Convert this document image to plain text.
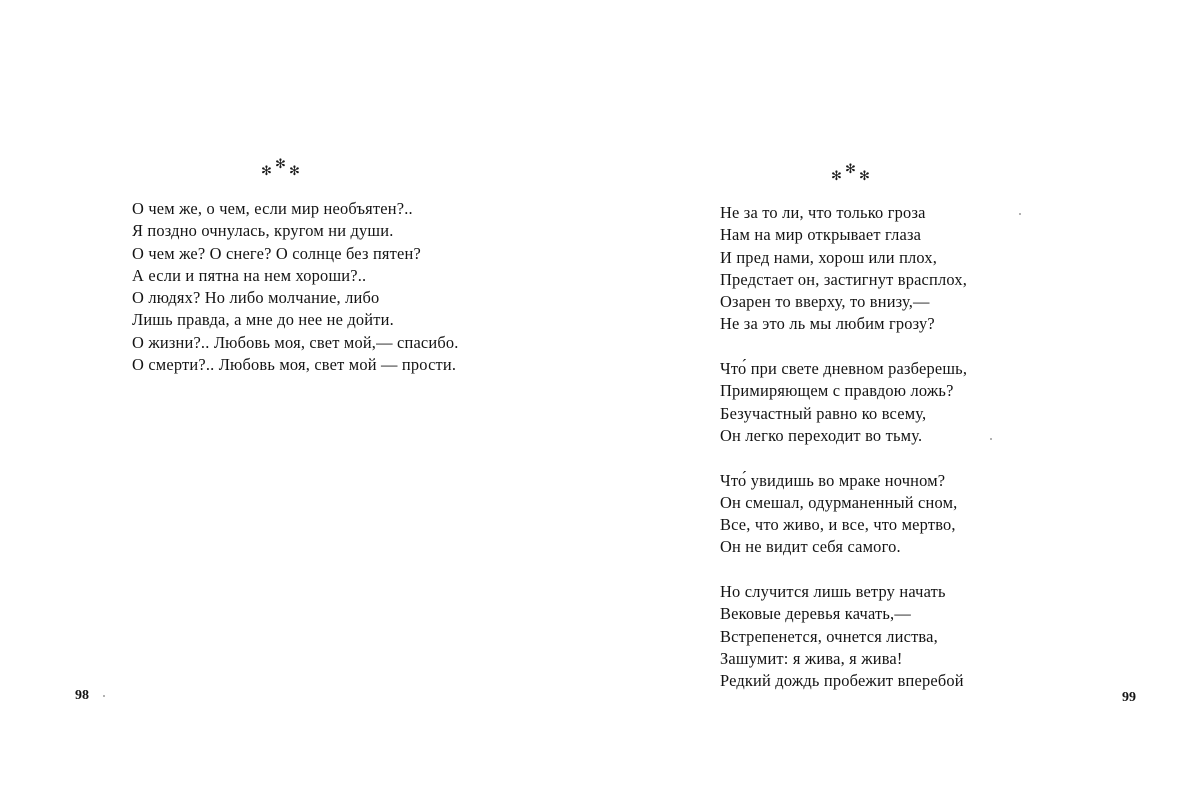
✻ ✻ ✻
О чем же, о чем, если мир необъятен?..
Я поздно очнулась, кругом ни души.
О чем же? О снеге? О солнце без пятен?
А если и пятна на нем хороши?..
О людях? Но либо молчание, либо
Лишь правда, а мне до нее не дойти.
О жизни?.. Любовь моя, свет мой,— спасибо.
О смерти?.. Любовь моя, свет мой — прости.
98
✻ ✻ ✻
Не за то ли, что только гроза
Нам на мир открывает глаза
И пред нами, хорош или плох,
Предстает он, застигнут врасплох,
Озарен то вверху, то внизу,—
Не за это ль мы любим грозу?
Что́ при свете дневном разберешь,
Примиряющем с правдою ложь?
Безучастный равно ко всему,
Он легко переходит во тьму.
Что́ увидишь во мраке ночном?
Он смешал, одурманенный сном,
Все, что живо, и все, что мертво,
Он не видит себя самого.
Но случится лишь ветру начать
Вековые деревья качать,—
Встрепенется, очнется листва,
Зашумит: я жива, я жива!
Редкий дождь пробежит вперебой
99
